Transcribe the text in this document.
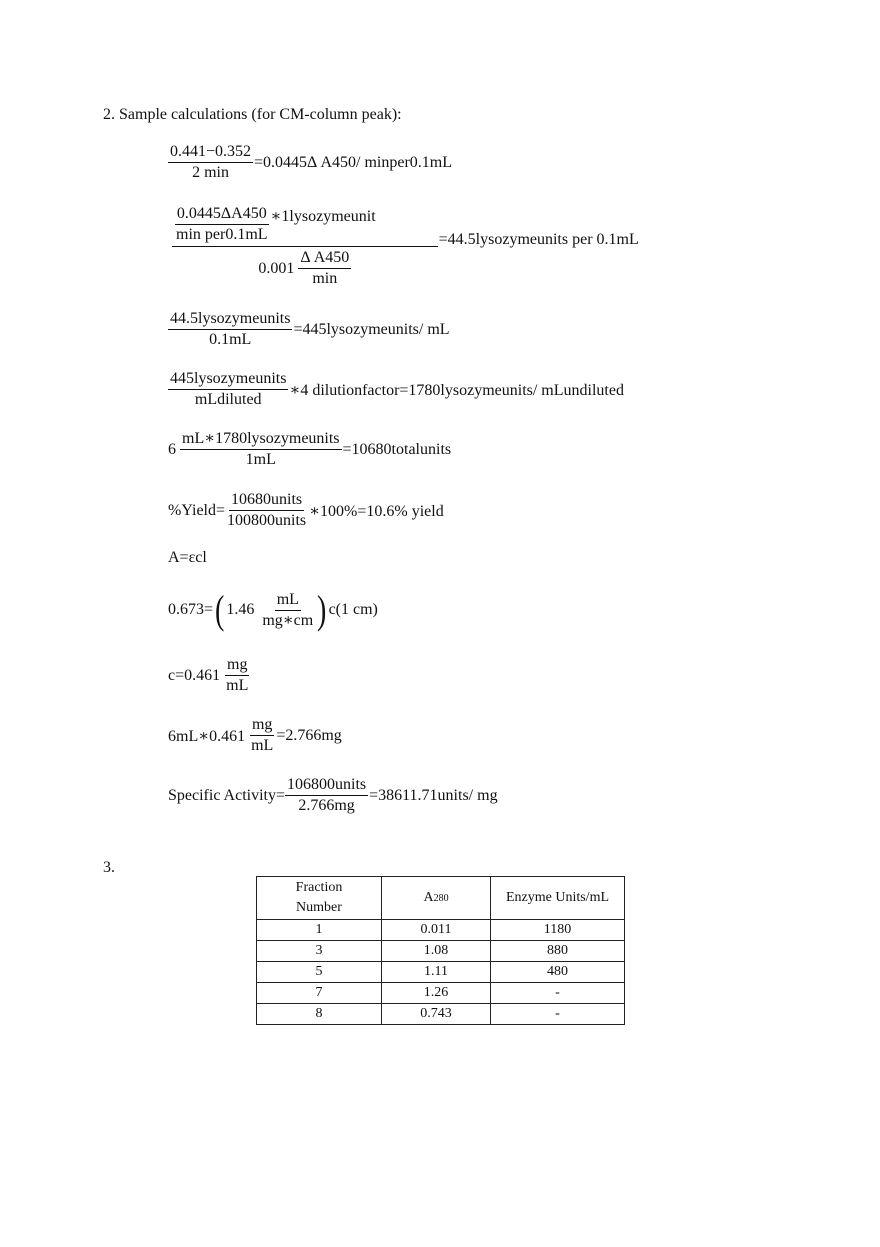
2. Sample calculations (for CM-column peak):
$\frac{0.441-0.352}{2 \min} =0.0445\Delta$ A450/ minper0.1mL
$\frac{0.0445\Delta A450}{\text{min per0.1mL}}$ ∗1lysozymeunit
$0.001 \frac{\text{Δ A450}}{\min}$
=44.5lysozymeunits per 0.1mL
$\frac{\text{44.5lysozymeunits}}{0.1mL}$ =445lysozymeunits/ mL
$\frac{\text{445lysozymeunits}}{\text{mLdiluted}}$ ∗4 dilutionfactor=1780lysozymeunits/ mLundiluted
$6 \frac{\text{mL∗1780lysozymeunits}}{1mL}$ =10680totalunits
%Yield= $\frac{\text{10680units}}{\text{100800units}}$ ∗100%=10.6% yield
A=εcl
0.673= ( $1.46 \frac{mL}{mg∗cm}$ ) c(1 cm)
$c=0.461 \frac{mg}{mL}$
6mL∗0.461 $\frac{mg}{mL} =2.766mg$
Specific Activity= $\frac{\text{106800units}}{2.766mg}$ =38611.71units/ mg
3.
Fraction
Number	A280	Enzyme Units/mL
1	0.011	1180
3	1.08	880
5	1.11	480
7	1.26	-
8	0.743	-
